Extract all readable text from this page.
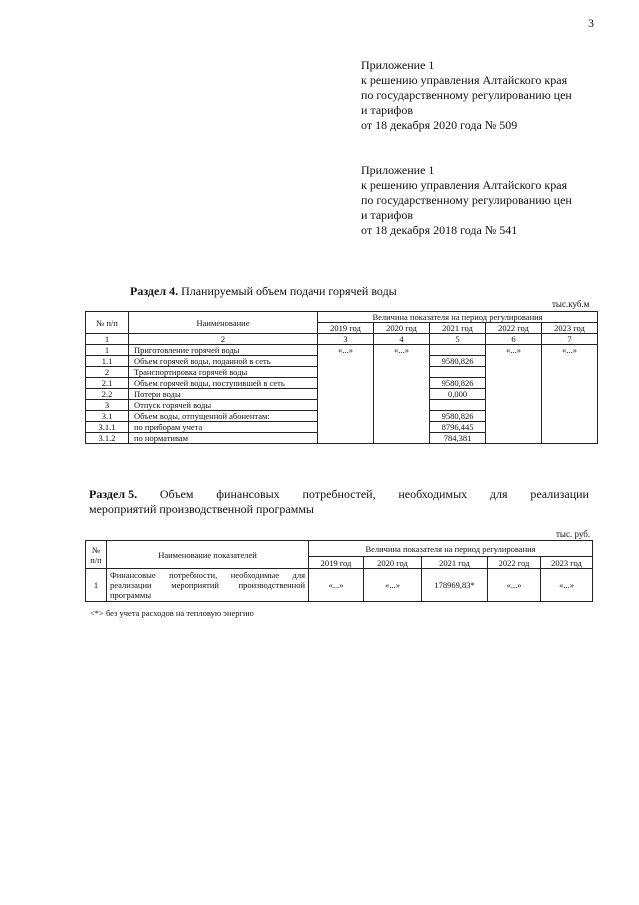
3
Приложение 1
к решению управления Алтайского края
по государственному регулированию цен
и тарифов
от 18 декабря 2020 года № 509
Приложение 1
к решению управления Алтайского края
по государственному регулированию цен
и тарифов
от 18 декабря 2018 года № 541
Раздел 4. Планируемый объем подачи горячей воды
тыс.куб.м
№ п/п	Наименование	Величина показателя на период регулирования				
		2019 год	2020 год	2021 год	2022 год	2023 год
1	2	3	4	5	6	7
1	Приготовление горячей воды	«...»	«...»		«...»	«...»
1.1	Объем горячей воды, поданной в сеть			9580,826		
2	Транспортировка горячей воды					
2.1	Объем горячей воды, поступившей в сеть			9580,826		
2.2	Потери воды			0,000		
3	Отпуск горячей воды					
3.1	Объем воды, отпущенной абонентам:			9580,826		
3.1.1	по приборам учета			8796,445		
3.1.2	по нормативам			784,381		
Раздел 5. Объем финансовых потребностей, необходимых для реализации
мероприятий производственной программы
тыс. руб.
№ п/п	Наименование показателей	Величина показателя на период регулирования				
		2019 год	2020 год	2021 год	2022 год	2023 год
1	Финансовые потребности, необходимые для реализации мероприятий производственной программы	«...»	«...»	178969,83*	«...»	«...»
<*> без учета расходов на тепловую энергию
